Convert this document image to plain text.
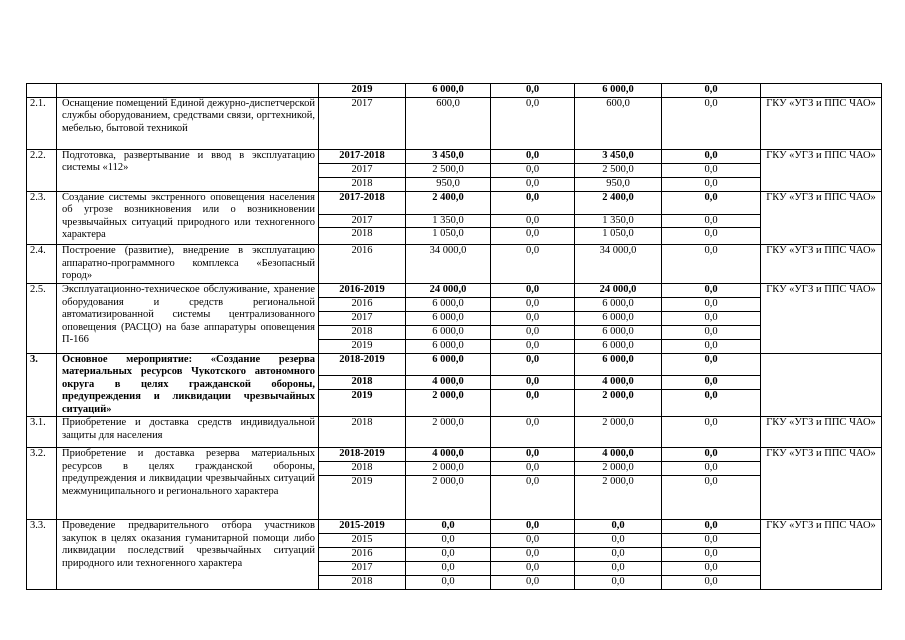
		2019	6 000,0	0,0	6 000,0	0,0	
2.1.	Оснащение помещений Единой дежурно-диспетчерской службы оборудованием, средствами связи, оргтехникой, мебелью, бытовой техникой	2017	600,0	0,0	600,0	0,0	ГКУ «УГЗ и ППС ЧАО»
2.2.	Подготовка, развертывание и ввод в эксплуатацию системы «112»	2017-2018	3 450,0	0,0	3 450,0	0,0	ГКУ «УГЗ и ППС ЧАО»
		2017	2 500,0	0,0	2 500,0	0,0	
		2018	950,0	0,0	950,0	0,0	
2.3.	Создание системы экстренного оповещения населения об угрозе возникновения или о возникновении чрезвычайных ситуаций природного или техногенного характера	2017-2018	2 400,0	0,0	2 400,0	0,0	ГКУ «УГЗ и ППС ЧАО»
		2017	1 350,0	0,0	1 350,0	0,0	
		2018	1 050,0	0,0	1 050,0	0,0	
2.4.	Построение (развитие), внедрение в эксплуатацию аппаратно-программного комплекса «Безопасный город»	2016	34 000,0	0,0	34 000,0	0,0	ГКУ «УГЗ и ППС ЧАО»
2.5.	Эксплуатационно-техническое обслуживание, хранение оборудования и средств региональной автоматизированной системы централизованного оповещения (РАСЦО) на базе аппаратуры оповещения П-166	2016-2019	24 000,0	0,0	24 000,0	0,0	ГКУ «УГЗ и ППС ЧАО»
		2016	6 000,0	0,0	6 000,0	0,0	
		2017	6 000,0	0,0	6 000,0	0,0	
		2018	6 000,0	0,0	6 000,0	0,0	
		2019	6 000,0	0,0	6 000,0	0,0	
3.	Основное мероприятие: «Создание резерва материальных ресурсов Чукотского автономного округа в целях гражданской обороны, предупреждения и ликвидации чрезвычайных ситуаций»	2018-2019	6 000,0	0,0	6 000,0	0,0	
		2018	4 000,0	0,0	4 000,0	0,0	
		2019	2 000,0	0,0	2 000,0	0,0	
3.1.	Приобретение и доставка средств индивидуальной защиты для населения	2018	2 000,0	0,0	2 000,0	0,0	ГКУ «УГЗ и ППС ЧАО»
3.2.	Приобретение и доставка резерва материальных ресурсов в целях гражданской обороны, предупреждения и ликвидации чрезвычайных ситуаций межмуниципального и регионального характера	2018-2019	4 000,0	0,0	4 000,0	0,0	ГКУ «УГЗ и ППС ЧАО»
		2018	2 000,0	0,0	2 000,0	0,0	
		2019	2 000,0	0,0	2 000,0	0,0	
3.3.	Проведение предварительного отбора участников закупок в целях оказания гуманитарной помощи либо ликвидации последствий чрезвычайных ситуаций природного или техногенного характера	2015-2019	0,0	0,0	0,0	0,0	ГКУ «УГЗ и ППС ЧАО»
		2015	0,0	0,0	0,0	0,0	
		2016	0,0	0,0	0,0	0,0	
		2017	0,0	0,0	0,0	0,0	
		2018	0,0	0,0	0,0	0,0	
